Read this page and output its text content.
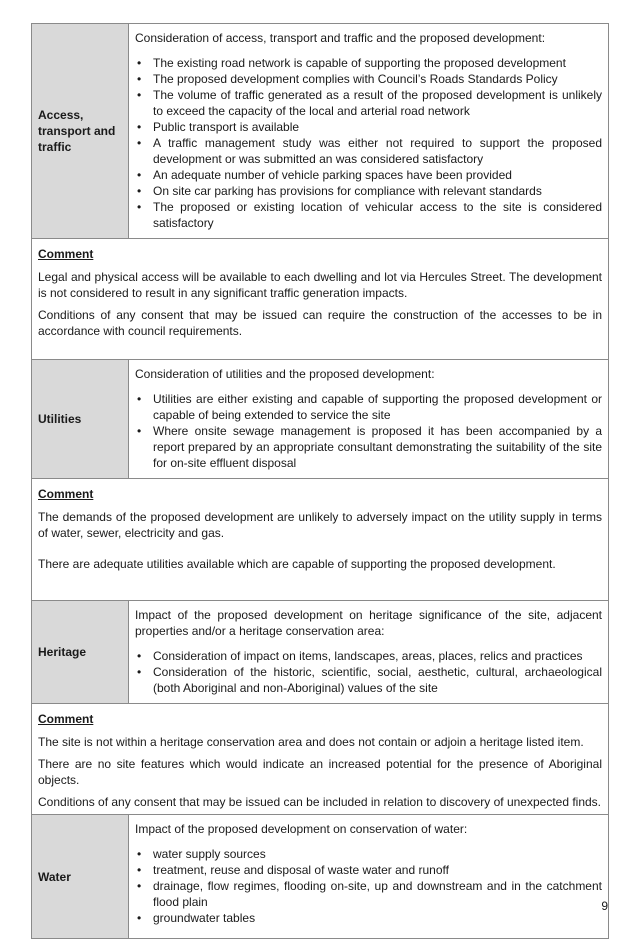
Access, transport and traffic

Consideration of access, transport and traffic and the proposed development:

• The existing road network is capable of supporting the proposed development
• The proposed development complies with Council’s Roads Standards Policy
• The volume of traffic generated as a result of the proposed development is unlikely to exceed the capacity of the local and arterial road network
• Public transport is available
• A traffic management study was either not required to support the proposed development or was submitted an was considered satisfactory
• An adequate number of vehicle parking spaces have been provided
• On site car parking has provisions for compliance with relevant standards
• The proposed or existing location of vehicular access to the site is considered satisfactory

Comment

Legal and physical access will be available to each dwelling and lot via Hercules Street. The development is not considered to result in any significant traffic generation impacts.

Conditions of any consent that may be issued can require the construction of the accesses to be in accordance with council requirements.

Utilities

Consideration of utilities and the proposed development:

• Utilities are either existing and capable of supporting the proposed development or capable of being extended to service the site
• Where onsite sewage management is proposed it has been accompanied by a report prepared by an appropriate consultant demonstrating the suitability of the site for on-site effluent disposal

Comment

The demands of the proposed development are unlikely to adversely impact on the utility supply in terms of water, sewer, electricity and gas.

There are adequate utilities available which are capable of supporting the proposed development.

Heritage

Impact of the proposed development on heritage significance of the site, adjacent properties and/or a heritage conservation area:

• Consideration of impact on items, landscapes, areas, places, relics and practices
• Consideration of the historic, scientific, social, aesthetic, cultural, archaeological (both Aboriginal and non-Aboriginal) values of the site

Comment

The site is not within a heritage conservation area and does not contain or adjoin a heritage listed item.

There are no site features which would indicate an increased potential for the presence of Aboriginal objects.

Conditions of any consent that may be issued can be included in relation to discovery of unexpected finds.

Water

Impact of the proposed development on conservation of water:

• water supply sources
• treatment, reuse and disposal of waste water and runoff
• drainage, flow regimes, flooding on-site, up and downstream and in the catchment flood plain
• groundwater tables
9
